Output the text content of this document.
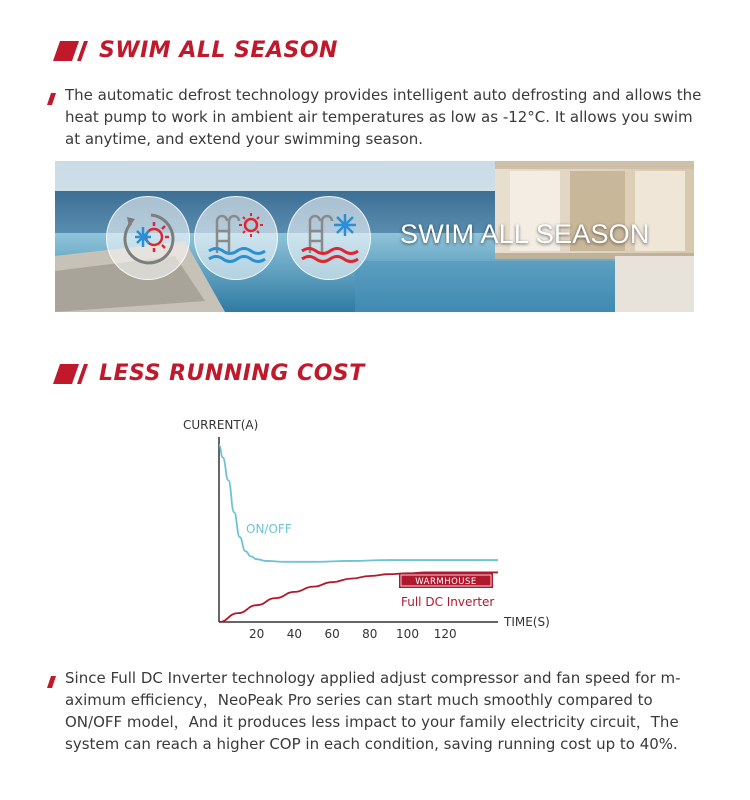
SWIM ALL SEASON
The automatic defrost technology provides intelligent auto defrosting and allows the heat pump to work in ambient air temperatures as low as -12°C. It allows you swim at anytime, and extend your swimming season.
SWIM ALL SEASON
LESS RUNNING COST
CURRENT(A)
TIME(S)
20 40 60 80 100 120
ON/OFF
WARMHOUSE
Full DC Inverter
Since Full DC Inverter technology applied adjust compressor and fan speed for m-aximum efficiency，NeoPeak Pro series can start much smoothly compared to ON/OFF model，And it produces less impact to your family electricity circuit，The system can reach a higher COP in each condition, saving running cost up to 40%.
